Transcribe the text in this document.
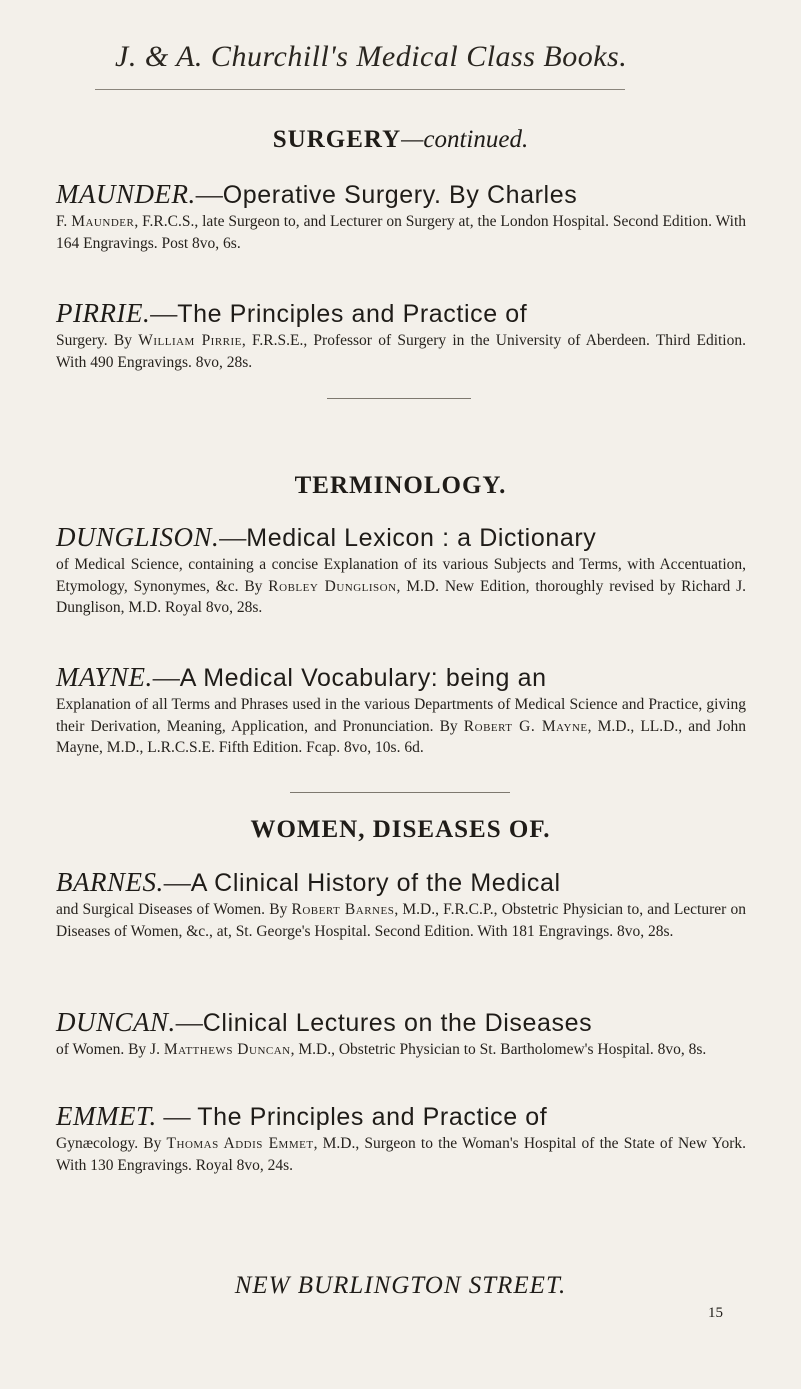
J. & A. Churchill's Medical Class Books.
SURGERY—continued.
MAUNDER.—Operative Surgery. By Charles
F. Maunder, F.R.C.S., late Surgeon to, and Lecturer on Surgery at, the London Hospital. Second Edition. With 164 Engravings. Post 8vo, 6s.
PIRRIE.—The Principles and Practice of
Surgery. By William Pirrie, F.R.S.E., Professor of Surgery in the University of Aberdeen. Third Edition. With 490 Engravings. 8vo, 28s.
TERMINOLOGY.
DUNGLISON.—Medical Lexicon : a Dictionary
of Medical Science, containing a concise Explanation of its various Subjects and Terms, with Accentuation, Etymology, Synonymes, &c. By Robley Dunglison, M.D. New Edition, thoroughly revised by Richard J. Dunglison, M.D. Royal 8vo, 28s.
MAYNE.—A Medical Vocabulary: being an
Explanation of all Terms and Phrases used in the various Departments of Medical Science and Practice, giving their Derivation, Meaning, Application, and Pronunciation. By Robert G. Mayne, M.D., LL.D., and John Mayne, M.D., L.R.C.S.E. Fifth Edition. Fcap. 8vo, 10s. 6d.
WOMEN, DISEASES OF.
BARNES.—A Clinical History of the Medical
and Surgical Diseases of Women. By Robert Barnes, M.D., F.R.C.P., Obstetric Physician to, and Lecturer on Diseases of Women, &c., at, St. George's Hospital. Second Edition. With 181 Engravings. 8vo, 28s.
DUNCAN.—Clinical Lectures on the Diseases
of Women. By J. Matthews Duncan, M.D., Obstetric Physician to St. Bartholomew's Hospital. 8vo, 8s.
EMMET. — The Principles and Practice of
Gynæcology. By Thomas Addis Emmet, M.D., Surgeon to the Woman's Hospital of the State of New York. With 130 Engravings. Royal 8vo, 24s.
NEW BURLINGTON STREET.
15
